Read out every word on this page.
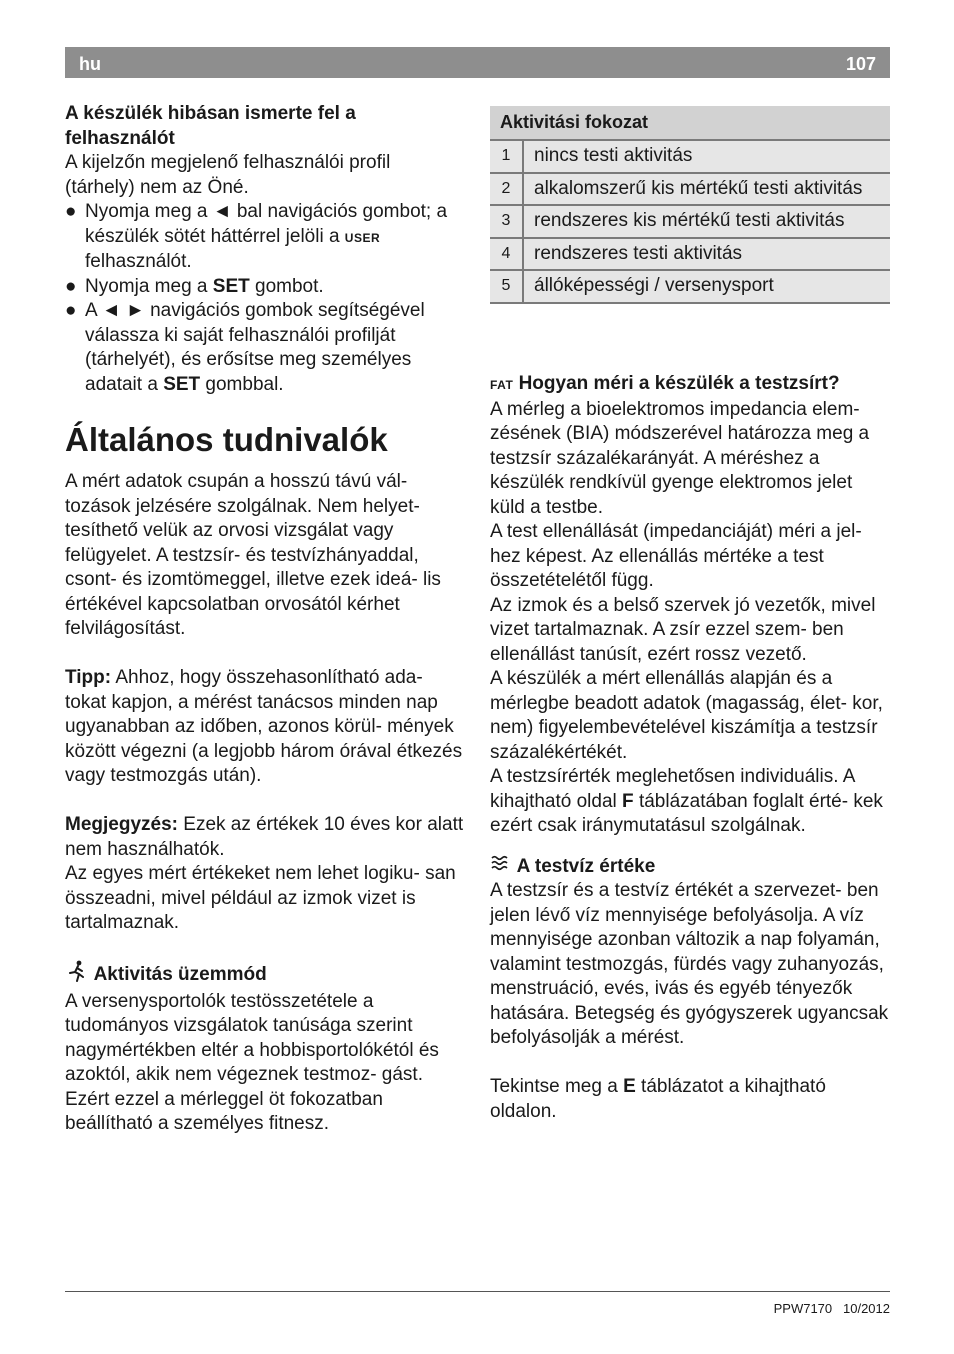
hu	107

A készülék hibásan ismerte fel a felhasználót

A kijelzőn megjelenő felhasználói profil (tárhely) nem az Öné.

● Nyomja meg a ◄ bal navigációs gombot; a készülék sötét háttérrel jelöli a USER felhasználót.
● Nyomja meg a SET gombot.
● A ◄ ► navigációs gombok segítségével válassza ki saját felhasználói profilját (tárhelyét), és erősítse meg személyes adatait a SET gombbal.
Általános tudnivalók

A mért adatok csupán a hosszú távú vál- tozások jelzésére szolgálnak. Nem helyet- tesíthető velük az orvosi vizsgálat vagy felügyelet. A testzsír- és testvízhányaddal, csont- és izomtömeggel, illetve ezek ideá- lis értékével kapcsolatban orvosától kérhet felvilágosítást.

Tipp: Ahhoz, hogy összehasonlítható ada- tokat kapjon, a mérést tanácsos minden nap ugyanabban az időben, azonos körül- mények között végezni (a legjobb három órával étkezés vagy testmozgás után).

Megjegyzés: Ezek az értékek 10 éves kor alatt nem használhatók.

Az egyes mért értékeket nem lehet logiku- san összeadni, mivel például az izmok vizet is tartalmaznak.

Aktivitás üzemmód

A versenysportolók testösszetétele a tudományos vizsgálatok tanúsága szerint nagymértékben eltér a hobbisportolókétól és azoktól, akik nem végeznek testmoz- gást. Ezért ezzel a mérleggel öt fokozatban beállítható a személyes fitnesz.

Aktivitási fokozat	
1	nincs testi aktivitás
2	alkalomszerű kis mértékű testi aktivitás
3	rendszeres kis mértékű testi aktivitás
4	rendszeres testi aktivitás
5	állóképességi / versenysport

FAT Hogyan méri a készülék a testzsírt?

A mérleg a bioelektromos impedancia elem- zésének (BIA) módszerével határozza meg a testzsír százalékarányát. A méréshez a készülék rendkívül gyenge elektromos jelet küld a testbe.

A test ellenállását (impedanciáját) méri a jel- hez képest. Az ellenállás mértéke a test összetételétől függ.

Az izmok és a belső szervek jó vezetők, mivel vizet tartalmaznak. A zsír ezzel szem- ben ellenállást tanúsít, ezért rossz vezető.

A készülék a mért ellenállás alapján és a mérlegbe beadott adatok (magasság, élet- kor, nem) figyelembevételével kiszámítja a testzsír százalékértékét.

A testzsírérték meglehetősen individuális. A kihajtható oldal F táblázatában foglalt érté- kek ezért csak iránymutatásul szolgálnak.

A testvíz értéke

A testzsír és a testvíz értékét a szervezet- ben jelen lévő víz mennyisége befolyásolja. A víz mennyisége azonban változik a nap folyamán, valamint testmozgás, fürdés vagy zuhanyozás, menstruáció, evés, ivás és egyéb tényezők hatására. Betegség és gyógyszerek ugyancsak befolyásolják a mérést.

Tekintse meg a E táblázatot a kihajtható oldalon.

PPW7170 10/2012
